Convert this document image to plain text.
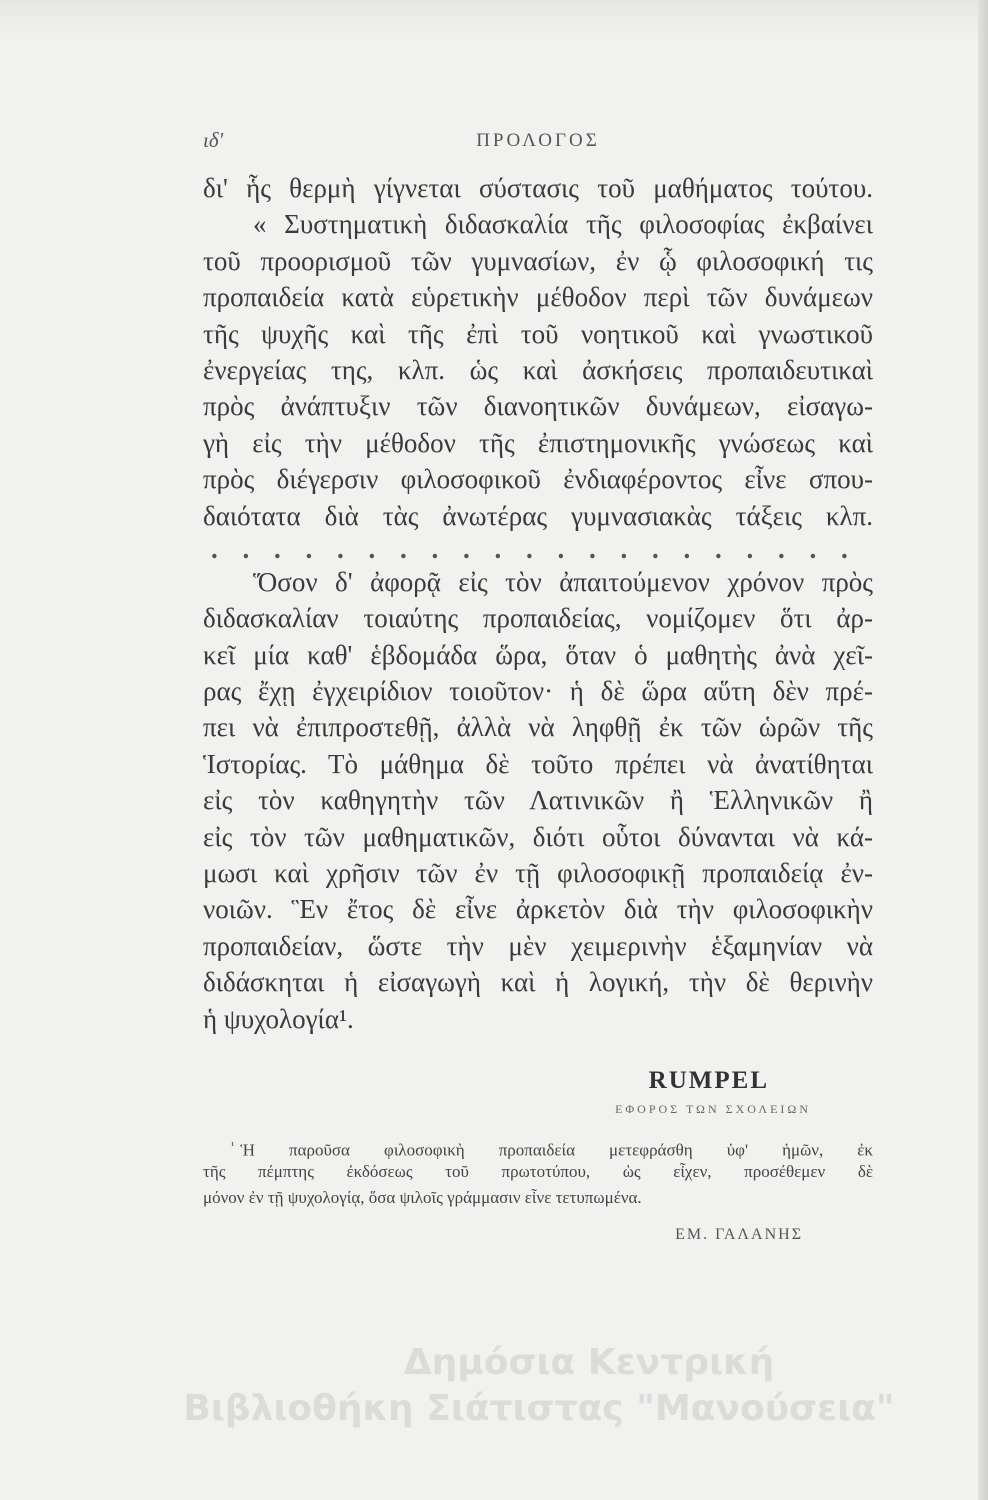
ιδ'	ΠΡΟΛΟΓΟΣ
δι' ἧς θερμὴ γίγνεται σύστασις τοῦ μαθήματος τούτου.
« Συστηματικὴ διδασκαλία τῆς φιλοσοφίας ἐκβαίνει
τοῦ προορισμοῦ τῶν γυμνασίων, ἐν ᾧ φιλοσοφική τις
προπαιδεία κατὰ εὑρετικὴν μέθοδον περὶ τῶν δυνάμεων
τῆς ψυχῆς καὶ τῆς ἐπὶ τοῦ νοητικοῦ καὶ γνωστικοῦ
ἐνεργείας της, κλπ. ὡς καὶ ἀσκήσεις προπαιδευτικαὶ
πρὸς ἀνάπτυξιν τῶν διανοητικῶν δυνάμεων, εἰσαγω-
γὴ εἰς τὴν μέθοδον τῆς ἐπιστημονικῆς γνώσεως καὶ
πρὸς διέγερσιν φιλοσοφικοῦ ἐνδιαφέροντος εἶνε σπου-
δαιότατα διὰ τὰς ἀνωτέρας γυμνασιακὰς τάξεις κλπ.
. . . . . . . . . . . . . . . . . . . . .
Ὅσον δ' ἀφορᾷ εἰς τὸν ἀπαιτούμενον χρόνον πρὸς
διδασκαλίαν τοιαύτης προπαιδείας, νομίζομεν ὅτι ἀρ-
κεῖ μία καθ' ἑβδομάδα ὥρα, ὅταν ὁ μαθητὴς ἀνὰ χεῖ-
ρας ἔχῃ ἐγχειρίδιον τοιοῦτον· ἡ δὲ ὥρα αὕτη δὲν πρέ-
πει νὰ ἐπιπροστεθῇ, ἀλλὰ νὰ ληφθῇ ἐκ τῶν ὡρῶν τῆς
Ἱστορίας. Τὸ μάθημα δὲ τοῦτο πρέπει νὰ ἀνατίθηται
εἰς τὸν καθηγητὴν τῶν Λατινικῶν ἢ Ἑλληνικῶν ἢ
εἰς τὸν τῶν μαθηματικῶν, διότι οὗτοι δύνανται νὰ κά-
μωσι καὶ χρῆσιν τῶν ἐν τῇ φιλοσοφικῇ προπαιδείᾳ ἐν-
νοιῶν. Ἓν ἔτος δὲ εἶνε ἀρκετὸν διὰ τὴν φιλοσοφικὴν
προπαιδείαν, ὥστε τὴν μὲν χειμερινὴν ἑξαμηνίαν νὰ
διδάσκηται ἡ εἰσαγωγὴ καὶ ἡ λογική, τὴν δὲ θερινὴν
ἡ ψυχολογία¹.
RUMPEL
ΕΦΟΡΟΣ ΤΩΝ ΣΧΟΛΕΙΩΝ
$^{^1}$ Ἡ παροῦσα φιλοσοφικὴ προπαιδεία μετεφράσθη ὑφ' ἡμῶν, ἐκ
τῆς πέμπτης ἐκδόσεως τοῦ πρωτοτύπου, ὡς εἶχεν, προσέθεμεν δὲ
μόνον ἐν τῇ ψυχολογίᾳ, ὅσα ψιλοῖς γράμμασιν εἶνε τετυπωμένα.
ΕΜ. ΓΑΛΑΝΗΣ
Δημόσια Κεντρική
Βιβλιοθήκη Σιάτιστας "Μανούσεια"
